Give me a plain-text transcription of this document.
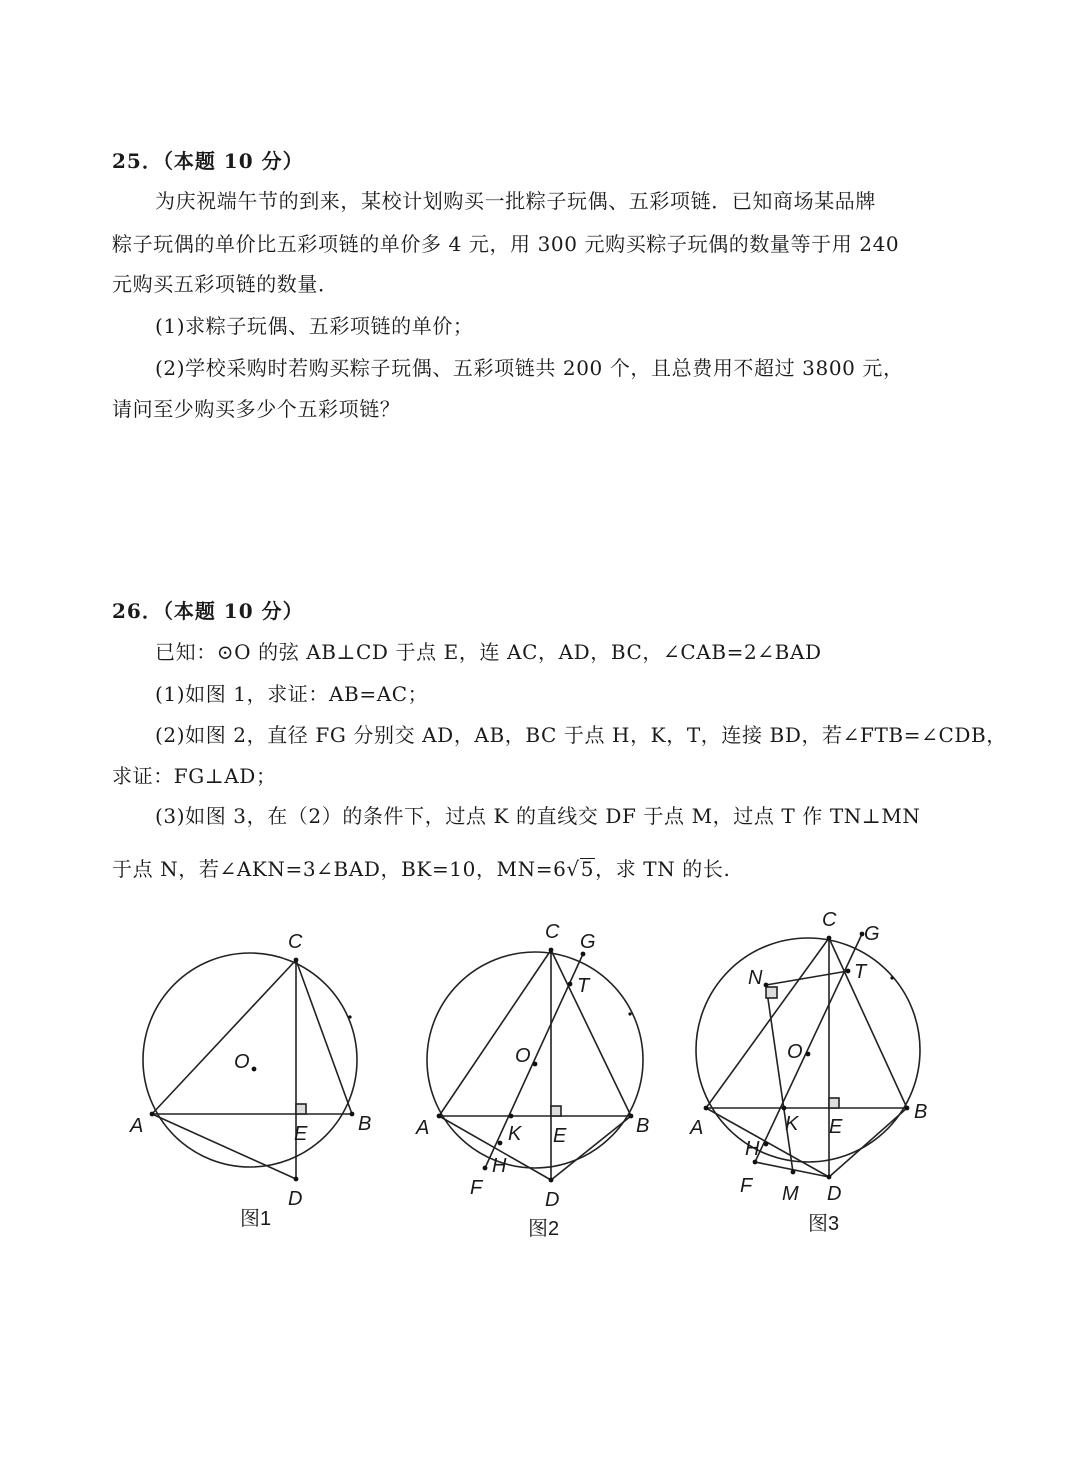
25．（本题 10 分）
为庆祝端午节的到来，某校计划购买一批粽子玩偶、五彩项链．已知商场某品牌
粽子玩偶的单价比五彩项链的单价多 4 元，用 300 元购买粽子玩偶的数量等于用 240
元购买五彩项链的数量．
(1)求粽子玩偶、五彩项链的单价；
(2)学校采购时若购买粽子玩偶、五彩项链共 200 个，且总费用不超过 3800 元，
请问至少购买多少个五彩项链？
26．（本题 10 分）
已知：⊙O 的弦 AB⊥CD 于点 E，连 AC，AD，BC，∠CAB=2∠BAD
(1)如图 1，求证：AB=AC；
(2)如图 2，直径 FG 分别交 AD，AB，BC 于点 H，K，T，连接 BD，若∠FTB=∠CDB，
求证：FG⊥AD；
(3)如图 3，在（2）的条件下，过点 K 的直线交 DF 于点 M，过点 T 作 TN⊥MN
于点 N，若∠AKN=3∠BAD，BK=10，MN=6√5，求 TN 的长.
A	B
C
D
E
O
图1
A	B
C
D
E
F
G
H
K
T
O
图2
A
B
C
D
E
F
G
H
K
T
M
N
O
图3
